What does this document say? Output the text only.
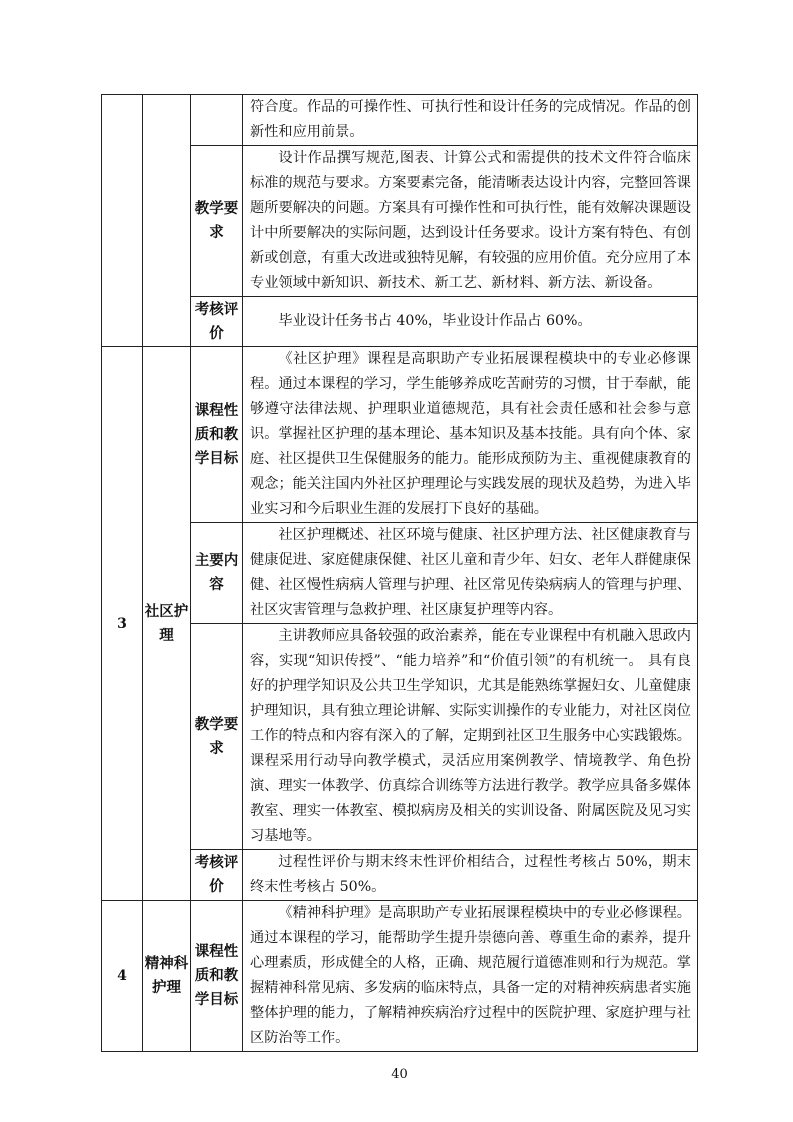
			符合度。作品的可操作性、可执行性和设计任务的完成情况。作品的创新性和应用前景。
		教学要求	设计作品撰写规范,图表、计算公式和需提供的技术文件符合临床标准的规范与要求。方案要素完备，能清晰表达设计内容，完整回答课题所要解决的问题。方案具有可操作性和可执行性，能有效解决课题设计中所要解决的实际问题，达到设计任务要求。设计方案有特色、有创新或创意，有重大改进或独特见解，有较强的应用价值。充分应用了本专业领域中新知识、新技术、新工艺、新材料、新方法、新设备。
		考核评价	毕业设计任务书占 40%，毕业设计作品占 60%。
3	社区护理	课程性质和教学目标	《社区护理》课程是高职助产专业拓展课程模块中的专业必修课程。通过本课程的学习，学生能够养成吃苦耐劳的习惯，甘于奉献，能够遵守法律法规、护理职业道德规范，具有社会责任感和社会参与意识。掌握社区护理的基本理论、基本知识及基本技能。具有向个体、家庭、社区提供卫生保健服务的能力。能形成预防为主、重视健康教育的观念；能关注国内外社区护理理论与实践发展的现状及趋势，为进入毕业实习和今后职业生涯的发展打下良好的基础。
		主要内容	社区护理概述、社区环境与健康、社区护理方法、社区健康教育与健康促进、家庭健康保健、社区儿童和青少年、妇女、老年人群健康保健、社区慢性病病人管理与护理、社区常见传染病病人的管理与护理、社区灾害管理与急救护理、社区康复护理等内容。
		教学要求	主讲教师应具备较强的政治素养，能在专业课程中有机融入思政内容，实现“知识传授”、“能力培养”和“价值引领”的有机统一。 具有良好的护理学知识及公共卫生学知识，尤其是能熟练掌握妇女、儿童健康护理知识，具有独立理论讲解、实际实训操作的专业能力，对社区岗位工作的特点和内容有深入的了解，定期到社区卫生服务中心实践锻炼。课程采用行动导向教学模式，灵活应用案例教学、情境教学、角色扮演、理实一体教学、仿真综合训练等方法进行教学。教学应具备多媒体教室、理实一体教室、模拟病房及相关的实训设备、附属医院及见习实习基地等。
		考核评价	过程性评价与期末终末性评价相结合，过程性考核占 50%，期末终末性考核占 50%。
4	精神科护理	课程性质和教学目标	《精神科护理》是高职助产专业拓展课程模块中的专业必修课程。通过本课程的学习，能帮助学生提升崇德向善、尊重生命的素养，提升心理素质，形成健全的人格，正确、规范履行道德准则和行为规范。掌握精神科常见病、多发病的临床特点，具备一定的对精神疾病患者实施整体护理的能力，了解精神疾病治疗过程中的医院护理、家庭护理与社区防治等工作。
40
